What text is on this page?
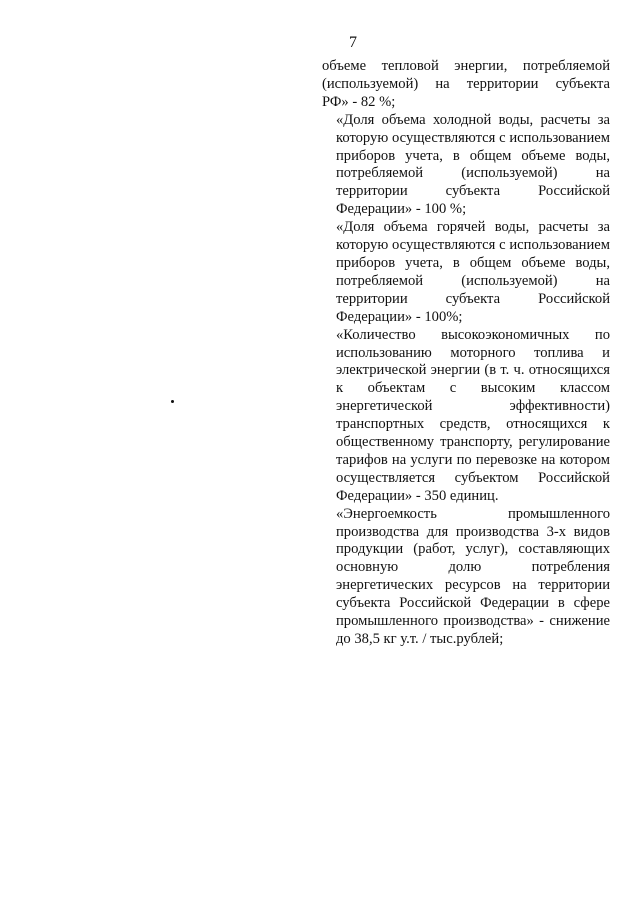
7

объеме тепловой энергии, потребляемой
(используемой) на территории субъекта
РФ» - 82 %;

«Доля объема холодной воды, расчеты за
которую осуществляются с использованием
приборов учета, в общем объеме воды,
потребляемой (используемой) на
территории субъекта Российской
Федерации» - 100 %;

«Доля объема горячей воды, расчеты за
которую осуществляются с использованием
приборов учета, в общем объеме воды,
потребляемой (используемой) на
территории субъекта Российской
Федерации» - 100%;

«Количество высокоэкономичных по
использованию моторного топлива и
электрической энергии (в т. ч. относящихся
к объектам с высоким классом
энергетической эффективности)
транспортных средств, относящихся к
общественному транспорту, регулирование
тарифов на услуги по перевозке на котором
осуществляется субъектом Российской
Федерации» - 350 единиц.

«Энергоемкость промышленного
производства для производства 3-х видов
продукции (работ, услуг), составляющих
основную долю потребления
энергетических ресурсов на территории
субъекта Российской Федерации в сфере
промышленного производства» - снижение
до 38,5 кг у.т. / тыс.рублей;
